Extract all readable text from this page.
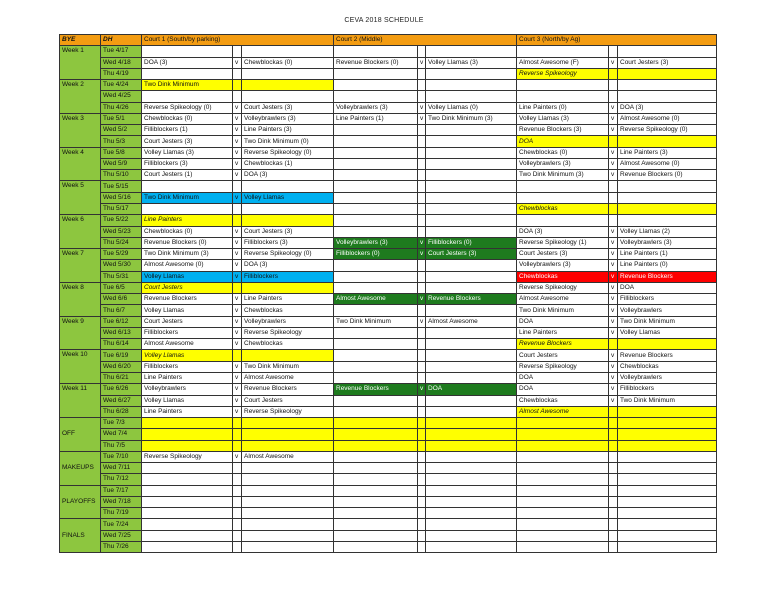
CEVA 2018 SCHEDULE
BYE	DH	Court 1 (South/by parking)			Court 2 (Middle)			Court 3 (North/by Ag)		
Week 1	Tue 4/17									
	Wed 4/18	DOA (3)	v	Chewblockas (0)	Revenue Blockers (0)	v	Volley Llamas (3)	Almost Awesome (F)	v	Court Jesters (3)
	Thu 4/19							Reverse Spikeology		
Week 2	Tue 4/24	Two Dink Minimum								
	Wed 4/25									
	Thu 4/26	Reverse Spikeology (0)	v	Court Jesters (3)	Volleybrawlers (3)	v	Volley Llamas (0)	Line Painters (0)	v	DOA (3)
Week 3	Tue 5/1	Chewblockas (0)	v	Volleybrawlers (3)	Line Painters (1)	v	Two Dink Minimum (3)	Volley Llamas (3)	v	Almost Awesome (0)
	Wed 5/2	Filliblockers (1)	v	Line Painters (3)				Revenue Blockers (3)	v	Reverse Spikeology (0)
	Thu 5/3	Court Jesters (3)	v	Two Dink Minimum (0)				DOA		
Week 4	Tue 5/8	Volley Llamas (3)	v	Reverse Spikeology (0)				Chewblockas (0)	v	Line Painters (3)
	Wed 5/9	Filliblockers (3)	v	Chewblockas (1)				Volleybrawlers (3)	v	Almost Awesome (0)
	Thu 5/10	Court Jesters (1)	v	DOA (3)				Two Dink Minimum (3)	v	Revenue Blockers (0)
Week 5	Tue 5/15									
	Wed 5/16	Two Dink Minimum	v	Volley Llamas						
	Thu 5/17							Chewblockas		
Week 6	Tue 5/22	Line Painters								
	Wed 5/23	Chewblockas (0)	v	Court Jesters (3)				DOA (3)	v	Volley Llamas (2)
	Thu 5/24	Revenue Blockers (0)	v	Filliblockers (3)	Volleybrawlers (3)	v	Filliblockers (0)	Reverse Spikeology (1)	v	Volleybrawlers (3)
Week 7	Tue 5/29	Two Dink Minimum (3)	v	Reverse Spikeology (0)	Filliblockers (0)	v	Court Jesters (3)	Court Jesters (3)	v	Line Painters (1)
	Wed 5/30	Almost Awesome (0)	v	DOA (3)				Volleybrawlers (3)	v	Line Painters (0)
	Thu 5/31	Volley Llamas	v	Filliblockers				Chewblockas	v	Revenue Blockers
Week 8	Tue 6/5	Court Jesters						Reverse Spikeology	v	DOA
	Wed 6/6	Revenue Blockers	v	Line Painters	Almost Awesome	v	Revenue Blockers	Almost Awesome	v	Filliblockers
	Thu 6/7	Volley Llamas	v	Chewblockas				Two Dink Minimum	v	Volleybrawlers
Week 9	Tue 6/12	Court Jesters	v	Volleybrawlers	Two Dink Minimum	v	Almost Awesome	DOA	v	Two Dink Minimum
	Wed 6/13	Filliblockers	v	Reverse Spikeology				Line Painters	v	Volley Llamas
	Thu 6/14	Almost Awesome	v	Chewblockas				Revenue Blockers		
Week 10	Tue 6/19	Volley Llamas						Court Jesters	v	Revenue Blockers
	Wed 6/20	Filliblockers	v	Two Dink Minimum				Reverse Spikeology	v	Chewblockas
	Thu 6/21	Line Painters	v	Almost Awesome				DOA	v	Volleybrawlers
Week 11	Tue 6/26	Volleybrawlers	v	Revenue Blockers	Revenue Blockers	v	DOA	DOA	v	Filliblockers
	Wed 6/27	Volley Llamas	v	Court Jesters				Chewblockas	v	Two Dink Minimum
	Thu 6/28	Line Painters	v	Reverse Spikeology				Almost Awesome		
OFF	Tue 7/3									
	Wed 7/4									
	Thu 7/5									
MAKEUPS	Tue 7/10	Reverse Spikeology	v	Almost Awesome						
	Wed 7/11									
	Thu 7/12									
PLAYOFFS	Tue 7/17									
	Wed 7/18									
	Thu 7/19									
FINALS	Tue 7/24									
	Wed 7/25									
	Thu 7/26									
